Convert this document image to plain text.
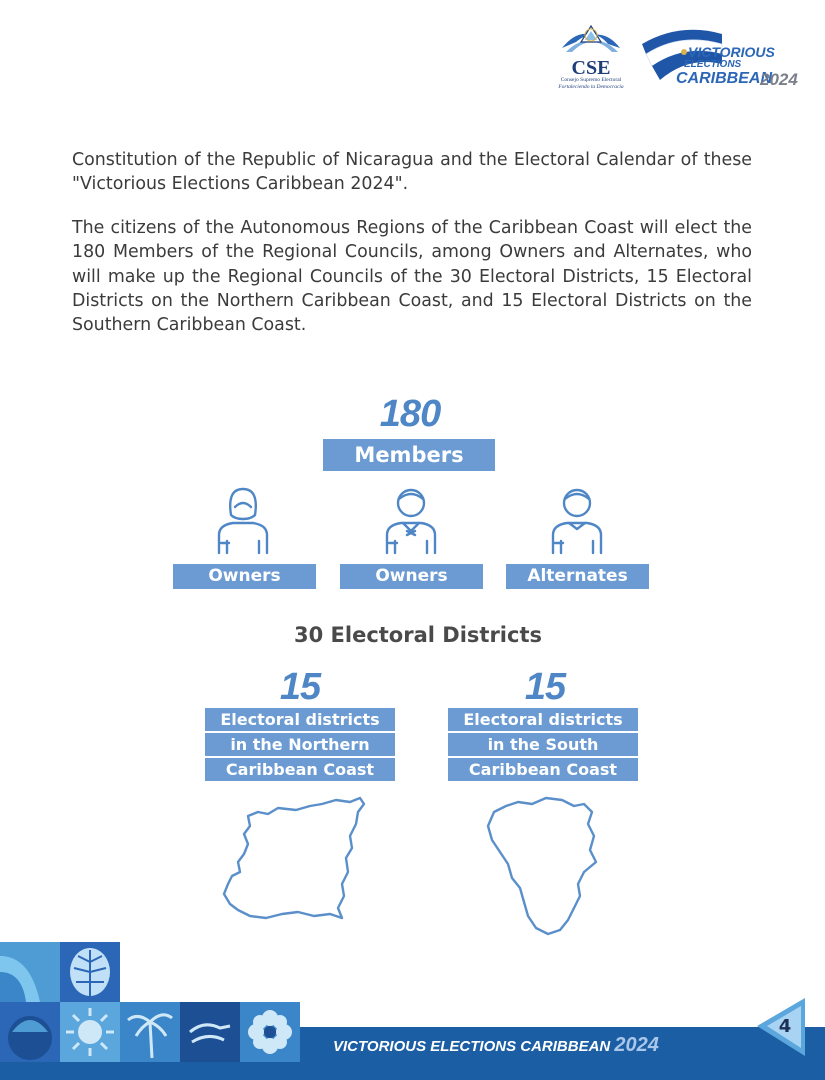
CSE
Consejo Supremo Electoral
Fortaleciendo la Democracia
VICTORIOUS
ELECTIONS
CARIBBEAN
2024
Constitution of the Republic of Nicaragua and the Electoral Calendar of these "Victorious Elections Caribbean 2024".
The citizens of the Autonomous Regions of the Caribbean Coast will elect the 180 Members of the Regional Councils, among Owners and Alternates, who will make up the Regional Councils of the 30 Electoral Districts, 15 Electoral Districts on the Northern Caribbean Coast, and 15 Electoral Districts on the Southern Caribbean Coast.
180
Members
Owners	Owners	Alternates
30 Electoral Districts
15
Electoral districts
in the Northern
Caribbean Coast
15
Electoral districts
in the South
Caribbean Coast
VICTORIOUS ELECTIONS CARIBBEAN 2024
4
